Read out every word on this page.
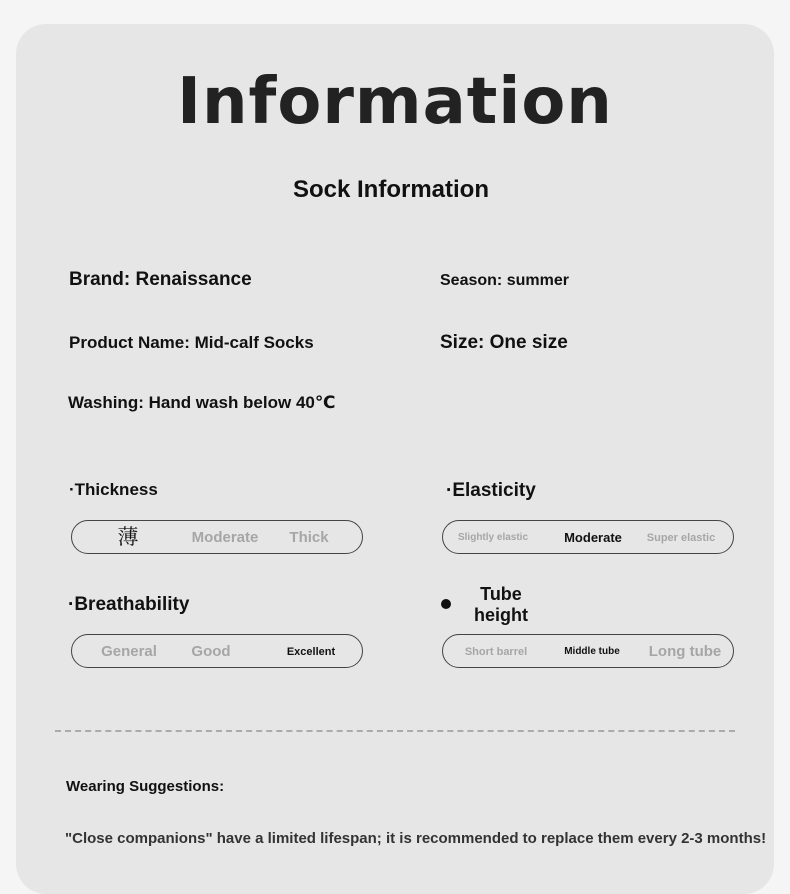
Information
Sock Information
Brand: Renaissance	Season: summer
Product Name: Mid-calf Socks	Size: One size
Washing: Hand wash below 40℃
·Thickness
薄	Moderate Thick
·Elasticity
Slightly elastic	Moderate Super elastic
·Breathability
General Good	Excellent
Tube
height
Short barrel	Middle tube Long tube
Wearing Suggestions:
"Close companions" have a limited lifespan; it is recommended to replace them every 2-3 months!
